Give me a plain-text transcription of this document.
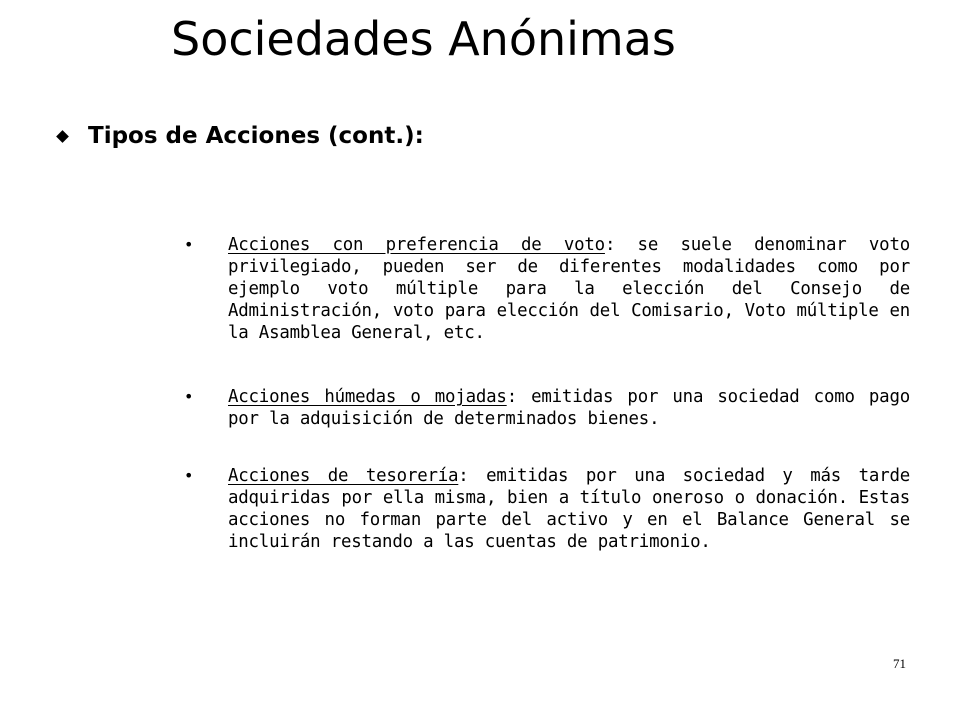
Sociedades Anónimas
Tipos de Acciones (cont.):
• Acciones con preferencia de voto: se suele denominar voto privilegiado, pueden ser de diferentes modalidades como por ejemplo voto múltiple para la elección del Consejo de Administración, voto para elección del Comisario, Voto múltiple en la Asamblea General, etc.

• Acciones húmedas o mojadas: emitidas por una sociedad como pago por la adquisición de determinados bienes.

• Acciones de tesorería: emitidas por una sociedad y más tarde adquiridas por ella misma, bien a título oneroso o donación. Estas acciones no forman parte del activo y en el Balance General se incluirán restando a las cuentas de patrimonio.

71
